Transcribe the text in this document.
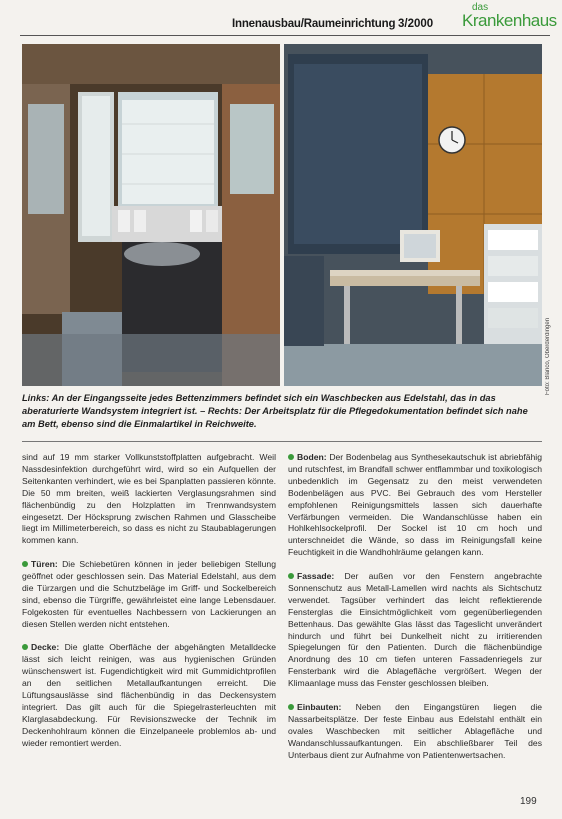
Innenausbau/Raumeinrichtung 3/2000
das
Krankenhaus
Foto: Blanco, Oberderdingen
Links: An der Eingangsseite jedes Bettenzimmers befindet sich ein Waschbecken aus Edelstahl, das in das aberaturierte Wandsystem integriert ist. – Rechts: Der Arbeitsplatz für die Pflegedokumentation befindet sich nahe am Bett, ebenso sind die Einmalartikel in Reichweite.

sind auf 19 mm starker Vollkunststoffplatten aufgebracht. Weil Nassdesinfektion durchgeführt wird, wird so ein Aufquellen der Seitenkanten verhindert, wie es bei Spanplatten passieren könnte. Die 50 mm breiten, weiß lackierten Verglasungsrahmen sind flächenbündig zu den Holzplatten im Trennwandsystem eingesetzt. Der Höcksprung zwischen Rahmen und Glasscheibe liegt im Millimeterbereich, so dass es nicht zu Staubablagerungen kommen kann.

Türen: Die Schiebetüren können in jeder beliebigen Stellung geöffnet oder geschlossen sein. Das Material Edelstahl, aus dem die Türzargen und die Schutzbeläge im Griff- und Sockelbereich sind, ebenso die Türgriffe, gewährleistet eine lange Lebensdauer. Folgekosten für eventuelles Nachbessern von Lackierungen an diesen Stellen werden nicht entstehen.

Decke: Die glatte Oberfläche der abgehängten Metalldecke lässt sich leicht reinigen, was aus hygienischen Gründen wünschenswert ist. Fugendichtigkeit wird mit Gummidichtprofilen an den seitlichen Metallaufkantungen erreicht. Die Lüftungsauslässe sind flächenbündig in das Deckensystem integriert. Das gilt auch für die Spiegelrasterleuchten mit Klarglasabdeckung. Für Revisionszwecke der Technik im Deckenhohlraum können die Einzelpaneele problemlos ab- und wieder remontiert werden.

Boden: Der Bodenbelag aus Synthesekautschuk ist abriebfähig und rutschfest, im Brandfall schwer entflammbar und toxikologisch unbedenklich im Gegensatz zu den meist verwendeten Bodenbelägen aus PVC. Bei Gebrauch des vom Hersteller empfohlenen Reinigungsmittels lassen sich dauerhafte Verfärbungen vermeiden. Die Wandanschlüsse haben ein Hohlkehlsockelprofil. Der Sockel ist 10 cm hoch und unterschneidet die Wände, so dass im Reinigungsfall keine Feuchtigkeit in die Wandhohlräume gelangen kann.

Fassade: Der außen vor den Fenstern angebrachte Sonnenschutz aus Metall-Lamellen wird nachts als Sichtschutz verwendet. Tagsüber verhindert das leicht reflektierende Fensterglas die Einsichtmöglichkeit vom gegenüberliegenden Bettenhaus. Das gewählte Glas lässt das Tageslicht unverändert hindurch und führt bei Dunkelheit nicht zu irritierenden Spiegelungen für den Patienten. Durch die flächenbündige Anordnung des 10 cm tiefen unteren Fassadenriegels zur Fensterbank wird die Ablagefläche vergrößert. Wegen der Klimaanlage muss das Fenster geschlossen bleiben.

Einbauten: Neben den Eingangstüren liegen die Nassarbeitsplätze. Der feste Einbau aus Edelstahl enthält ein ovales Waschbecken mit seitlicher Ablagefläche und Wandanschlussaufkantungen. Ein abschließbarer Teil des Unterbaus dient zur Aufnahme von Patientenwertsachen.

199
